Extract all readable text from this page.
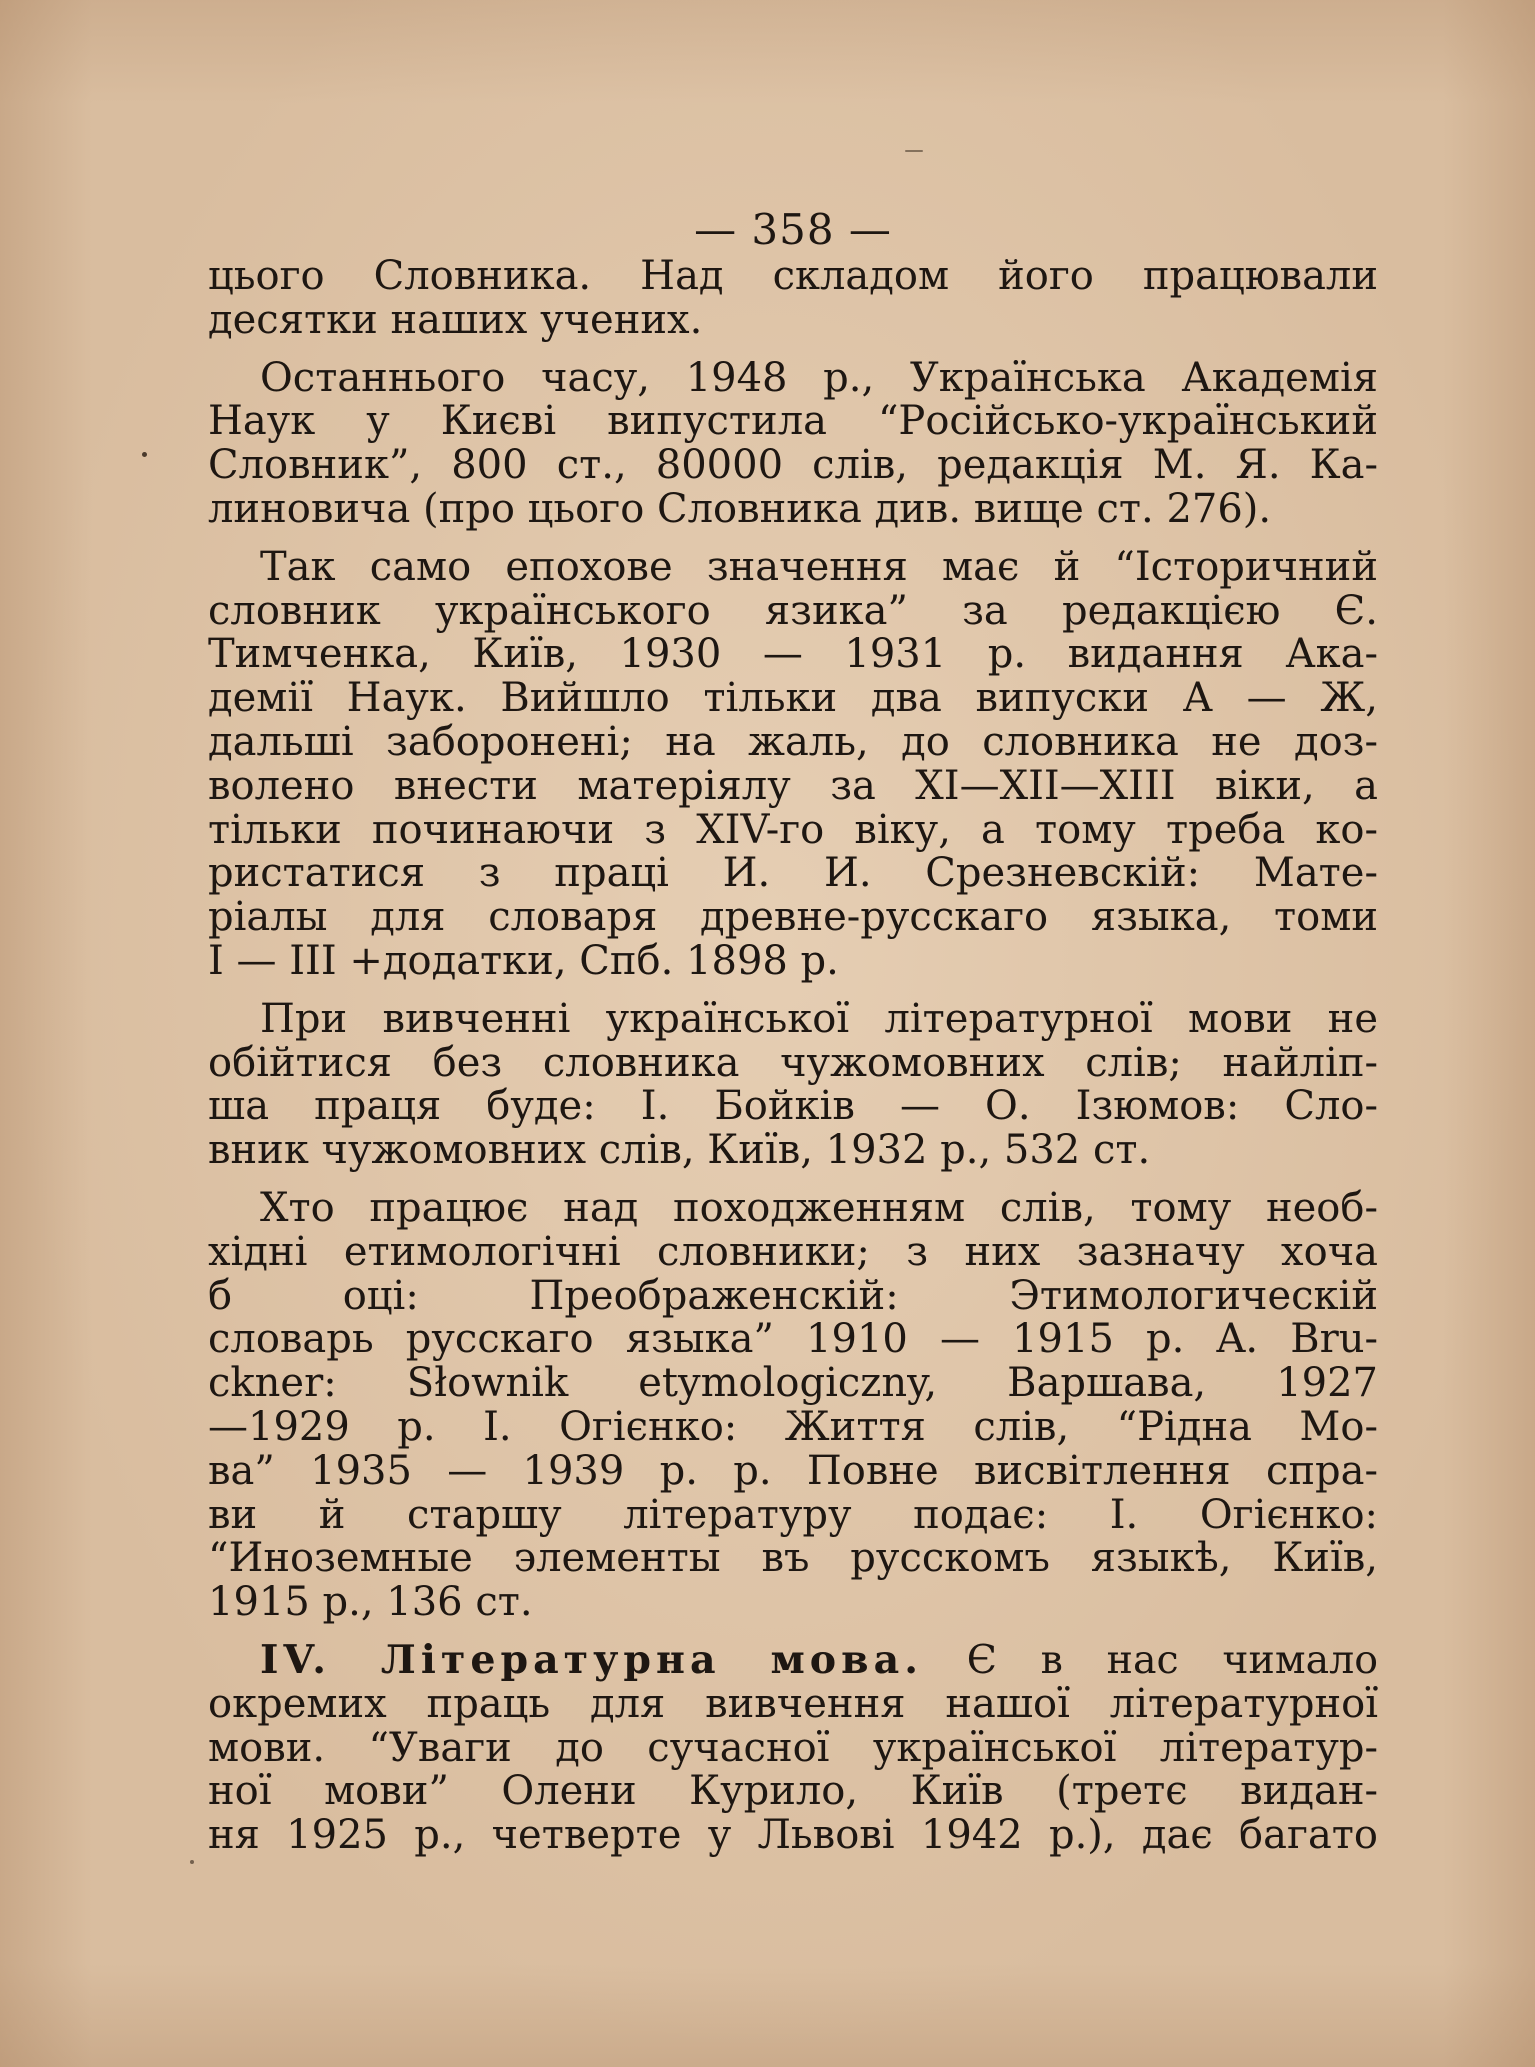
— 358 —
цього Словника. Над складом його працювали
десятки наших учених.
Останнього часу, 1948 р., Українська Академія
Наук у Києві випустила “Російсько-український
Словник”, 800 ст., 80000 слів, редакція М. Я. Ка-
линовича (про цього Словника див. вище ст. 276).
Так само епохове значення має й “Історичний
словник українського язика” за редакцією Є.
Тимченка, Київ, 1930 — 1931 р. видання Ака-
демії Наук. Вийшло тільки два випуски А — Ж,
дальші заборонені; на жаль, до словника не доз-
волено внести матеріялу за XI—XII—XIII віки, а
тільки починаючи з XIV-го віку, а тому треба ко-
ристатися з праці И. И. Срезневскій: Мате-
ріалы для словаря древне-русскаго языка, томи
I — III +додатки, Спб. 1898 р.
При вивченні української літературної мови не
обійтися без словника чужомовних слів; найліп-
ша праця буде: І. Бойків — О. Ізюмов: Сло-
вник чужомовних слів, Київ, 1932 р., 532 ст.
Хто працює над походженням слів, тому необ-
хідні етимологічні словники; з них зазначу хоча
б оці: Преображенскій: Этимологическій
словарь русскаго языка” 1910 — 1915 р. A. Bru-
ckner: Słownik etymologiczny, Варшава, 1927
—1929 р. І. Огієнко: Життя слів, “Рідна Мо-
ва” 1935 — 1939 р. р. Повне висвітлення спра-
ви й старшу літературу подає: І. Огієнко:
“Иноземные элементы въ русскомъ языкѣ, Київ,
1915 р., 136 ст.
IV. Літературна мова. Є в нас чимало
окремих праць для вивчення нашої літературної
мови. “Уваги до сучасної української літератур-
ної мови” Олени Курило, Київ (третє видан-
ня 1925 р., четверте у Львові 1942 р.), дає багато
